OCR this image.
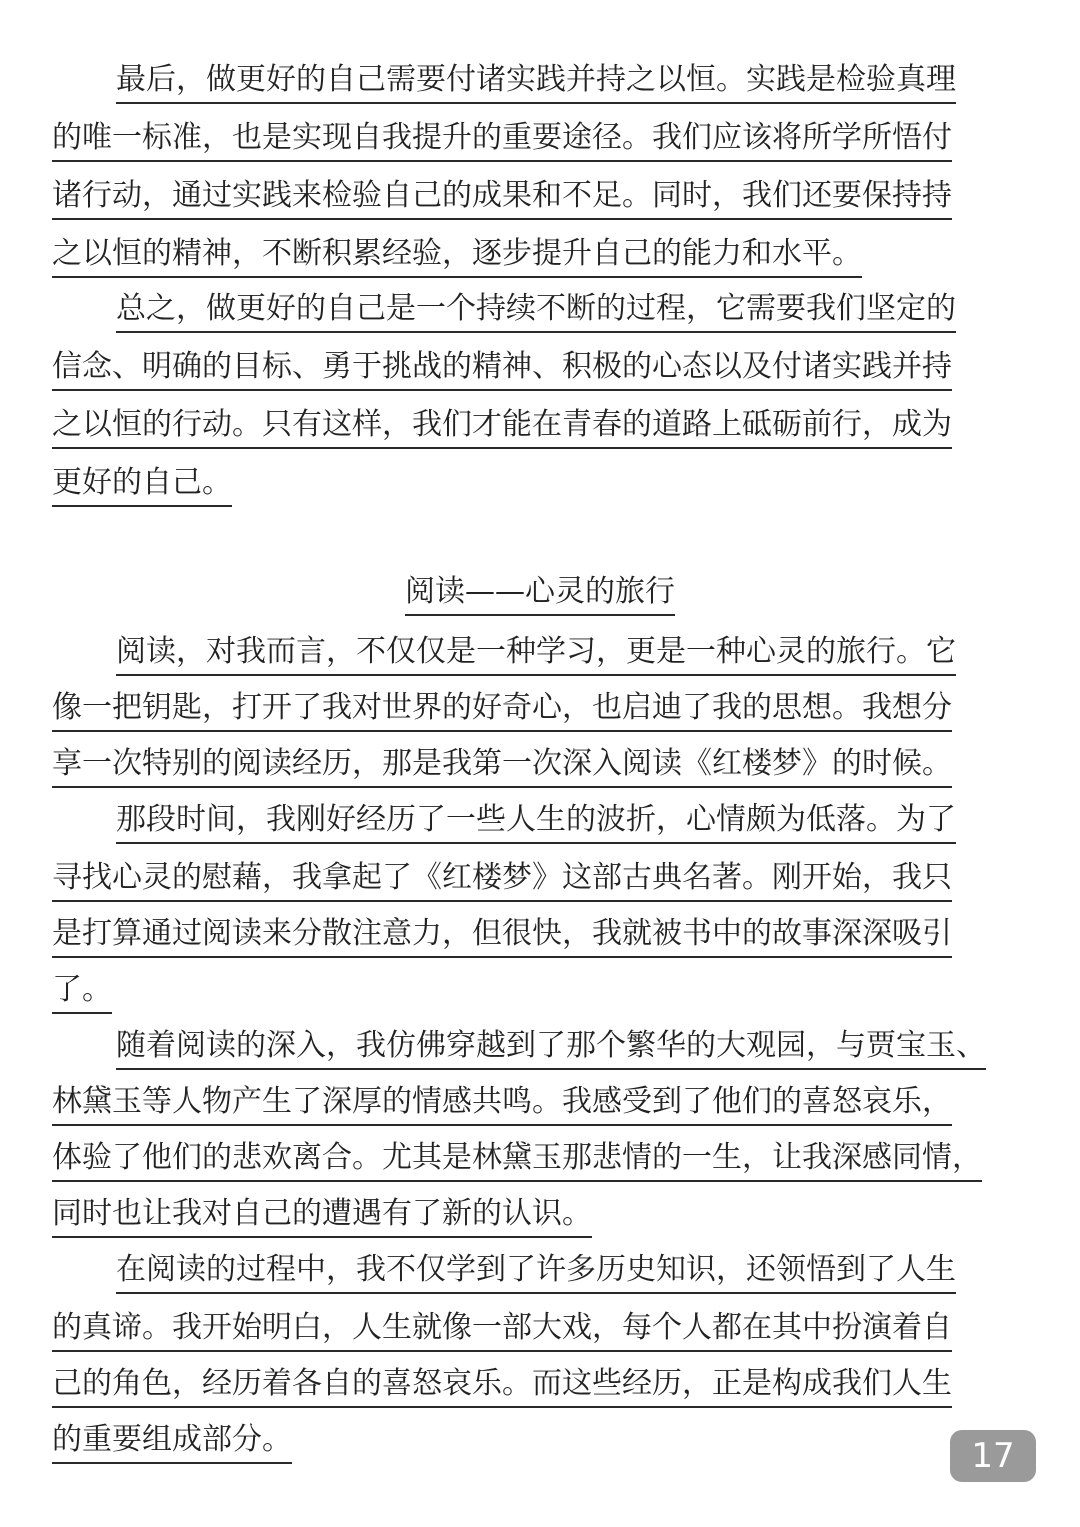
最后，做更好的自己需要付诸实践并持之以恒。实践是检验真理
的唯一标准，也是实现自我提升的重要途径。我们应该将所学所悟付
诸行动，通过实践来检验自己的成果和不足。同时，我们还要保持持
之以恒的精神，不断积累经验，逐步提升自己的能力和水平。
总之，做更好的自己是一个持续不断的过程，它需要我们坚定的
信念、明确的目标、勇于挑战的精神、积极的心态以及付诸实践并持
之以恒的行动。只有这样，我们才能在青春的道路上砥砺前行，成为
更好的自己。
阅读——心灵的旅行
阅读，对我而言，不仅仅是一种学习，更是一种心灵的旅行。它
像一把钥匙，打开了我对世界的好奇心，也启迪了我的思想。我想分
享一次特别的阅读经历，那是我第一次深入阅读《红楼梦》的时候。
那段时间，我刚好经历了一些人生的波折，心情颇为低落。为了
寻找心灵的慰藉，我拿起了《红楼梦》这部古典名著。刚开始，我只
是打算通过阅读来分散注意力，但很快，我就被书中的故事深深吸引
了。
随着阅读的深入，我仿佛穿越到了那个繁华的大观园，与贾宝玉、
林黛玉等人物产生了深厚的情感共鸣。我感受到了他们的喜怒哀乐，
体验了他们的悲欢离合。尤其是林黛玉那悲情的一生，让我深感同情，
同时也让我对自己的遭遇有了新的认识。
在阅读的过程中，我不仅学到了许多历史知识，还领悟到了人生
的真谛。我开始明白，人生就像一部大戏，每个人都在其中扮演着自
己的角色，经历着各自的喜怒哀乐。而这些经历，正是构成我们人生
的重要组成部分。	17
